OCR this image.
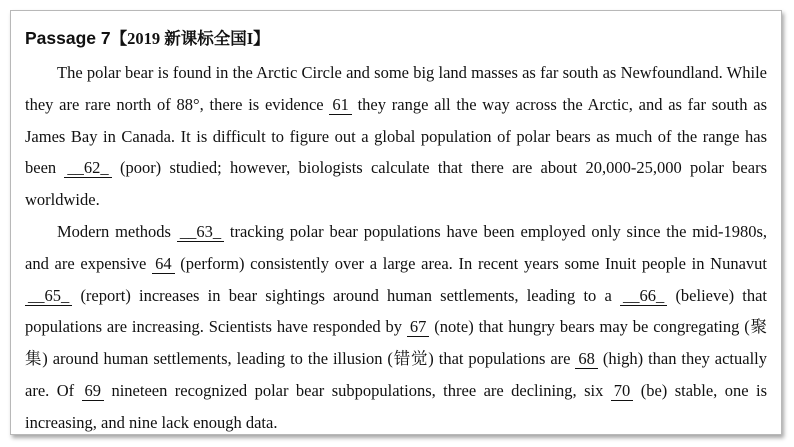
Passage 7【2019 新课标全国I】

The polar bear is found in the Arctic Circle and some big land masses as far south as Newfoundland. While they are rare north of 88°, there is evidence 61 they range all the way across the Arctic, and as far south as James Bay in Canada. It is difficult to figure out a global population of polar bears as much of the range has been __62_ (poor) studied; however, biologists calculate that there are about 20,000-25,000 polar bears worldwide.

Modern methods __63_ tracking polar bear populations have been employed only since the mid-1980s, and are expensive 64 (perform) consistently over a large area. In recent years some Inuit people in Nunavut __65_ (report) increases in bear sightings around human settlements, leading to a __66_ (believe) that populations are increasing. Scientists have responded by 67 (note) that hungry bears may be congregating (聚集) around human settlements, leading to the illusion (错觉) that populations are 68 (high) than they actually are. Of 69 nineteen recognized polar bear subpopulations, three are declining, six 70 (be) stable, one is increasing, and nine lack enough data.
